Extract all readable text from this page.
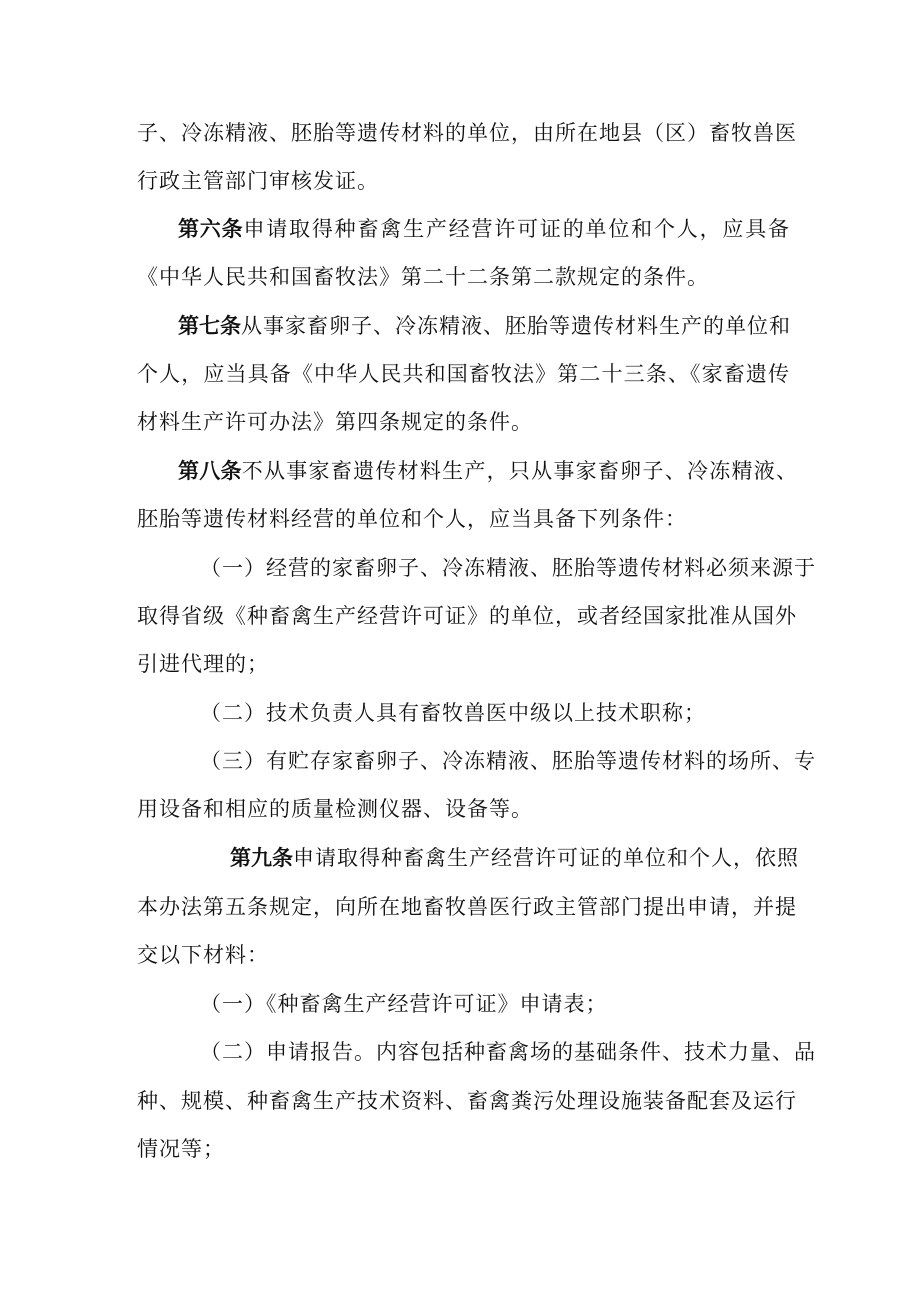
子、冷冻精液、胚胎等遗传材料的单位，由所在地县（区）畜牧兽医
行政主管部门审核发证。
第六条申请取得种畜禽生产经营许可证的单位和个人，应具备
《中华人民共和国畜牧法》第二十二条第二款规定的条件。
第七条从事家畜卵子、冷冻精液、胚胎等遗传材料生产的单位和
个人，应当具备《中华人民共和国畜牧法》第二十三条、《家畜遗传
材料生产许可办法》第四条规定的条件。
第八条不从事家畜遗传材料生产，只从事家畜卵子、冷冻精液、
胚胎等遗传材料经营的单位和个人，应当具备下列条件：
（一）经营的家畜卵子、冷冻精液、胚胎等遗传材料必须来源于
取得省级《种畜禽生产经营许可证》的单位，或者经国家批准从国外
引进代理的；
（二）技术负责人具有畜牧兽医中级以上技术职称；
（三）有贮存家畜卵子、冷冻精液、胚胎等遗传材料的场所、专
用设备和相应的质量检测仪器、设备等。
第九条申请取得种畜禽生产经营许可证的单位和个人，依照
本办法第五条规定，向所在地畜牧兽医行政主管部门提出申请，并提
交以下材料：
（一）《种畜禽生产经营许可证》申请表；
（二）申请报告。内容包括种畜禽场的基础条件、技术力量、品
种、规模、种畜禽生产技术资料、畜禽粪污处理设施装备配套及运行
情况等；
